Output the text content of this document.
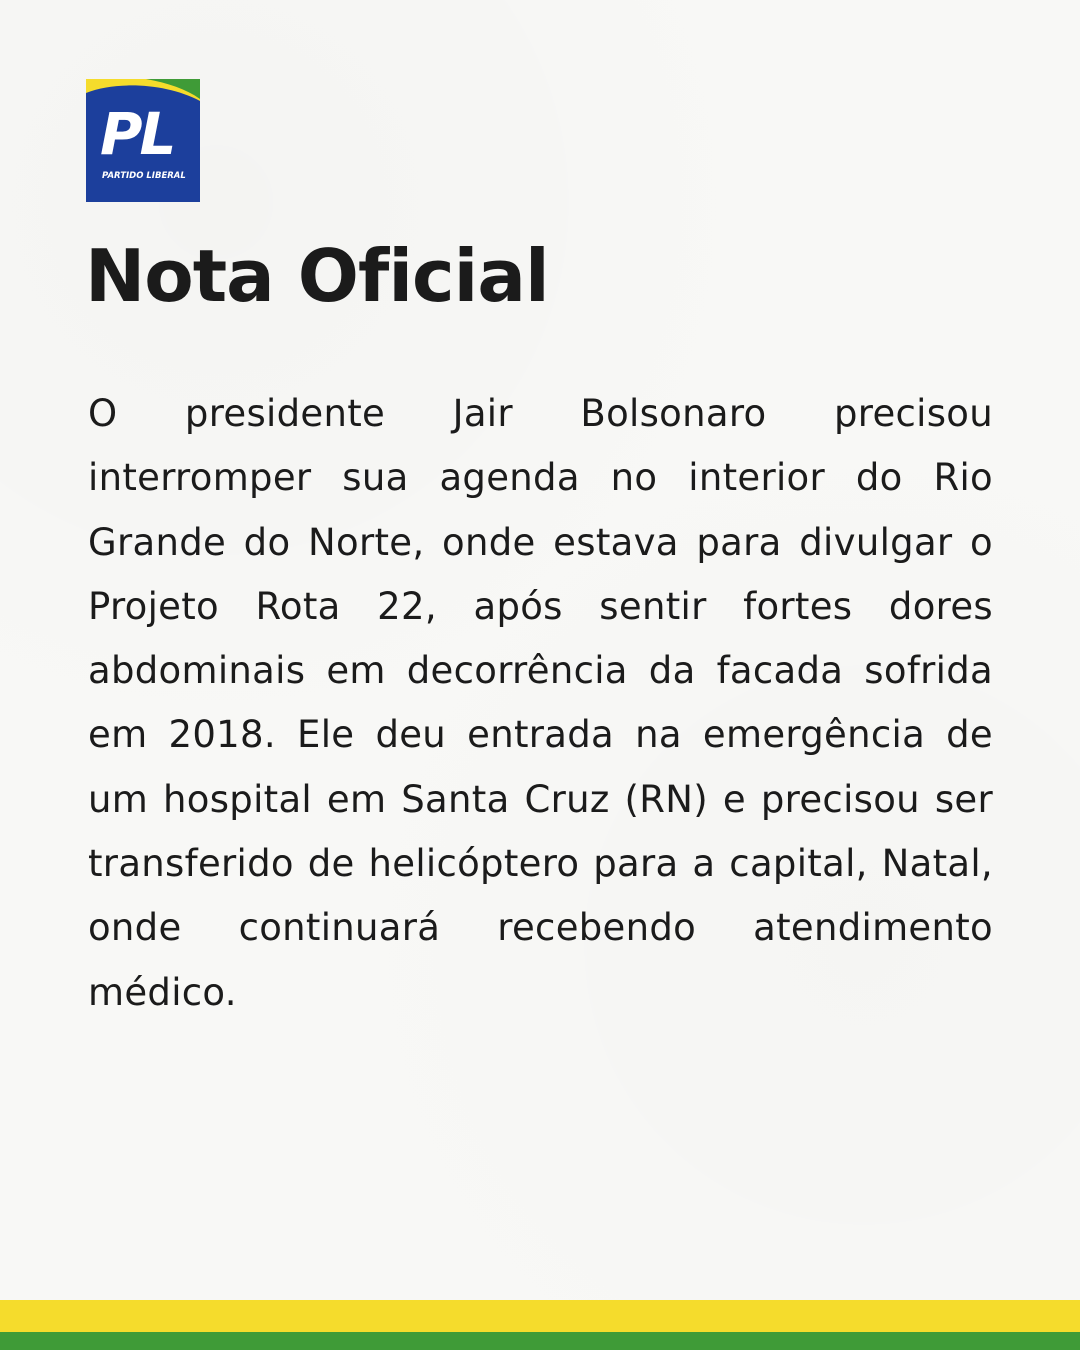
PL
PARTIDO LIBERAL
Nota Oficial

O presidente Jair Bolsonaro precisou interromper sua agenda no interior do Rio Grande do Norte, onde estava para divulgar o Projeto Rota 22, após sentir fortes dores abdominais em decorrência da facada sofrida em 2018. Ele deu entrada na emergência de um hospital em Santa Cruz (RN) e precisou ser transferido de helicóptero para a capital, Natal, onde continuará recebendo atendimento médico.
